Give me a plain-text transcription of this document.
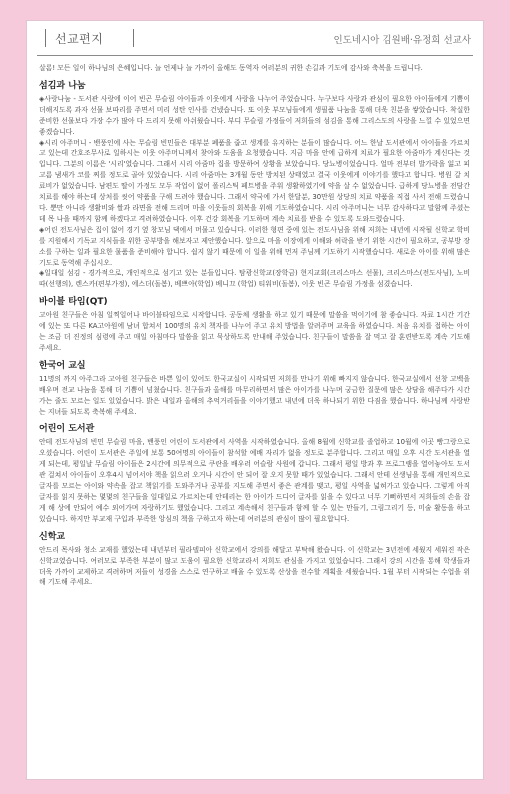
선교편지	인도네시아 김원배·유정희 선교사

살롬! 모든 일이 하나님의 은혜입니다. 늘 언제나 늘 가까이 올해도 동역자 여러분의 귀한 손길과 기도에 감사와 축복을 드립니다.

섬김과 나눔

◈사랑나눔 - 도서관 사랑에 이어 빈곤 무슬림 아이들과 이웃에게 사랑을 나누어 주었습니다. 누구보다 사랑과 관심이 필요한 아이들에게 기쁨이 더해지도록 과자 선물 보따리를 주면서 미리 성탄 인사를 건넸습니다. 또 이웃 부모님들에게 생필품 나눔을 통해 더욱 친분을 쌓았습니다. 착실한 준비한 선물보다 가장 수가 많아 다 드리지 못해 아쉬웠습니다. 부디 무슬림 가정들이 저희들의 섬김을 통해 그리스도의 사랑을 느낄 수 있었으면 좋겠습니다.

◈시리 아주머니 - 밴풍인에 사는 무슬림 빈민들은 대부분 폐품을 줍고 생계를 유지하는 분들이 많습니다. 어느 한날 도서관에서 아이들을 가르치고 있는데 간호조무사로 일하시는 이웃 아주머니께서 찾아와 도움을 요청했습니다. 지금 마을 안에 급하게 치료가 필요한 아줌마가 계신다는 것입니다. 그분의 이름은 '시리'였습니다. 그래서 시리 아줌마 집을 방문하여 상황을 보았습니다. 당뇨병이었습니다. 얼마 전부터 발가락을 잃고 피고름 냄새가 코를 찌를 정도로 골아 있었습니다. 시리 아줌마는 3개월 동안 방치된 상태였고 결국 이웃에게 이야기를 했다고 합니다. 병원 갈 치료비가 없었습니다. 남편도 딸이 가정도 모두 작업이 없어 폴리스틱 페트병을 주워 생활하였기에 약을 살 수 없었습니다. 급하게 당뇨병을 전담간 치료를 해야 하는데 상처를 씻어 약품을 구해 드려야 했습니다. 그래서 약국에 가서 한달분, 30만원 상당의 치료 약품을 직접 사서 전해 드렸습니다. 뿐만 아니라 생활비와 쌀과 라면을 전해 드리며 마을 이웃들의 회복을 위해 기도하였습니다. 시리 아주머니는 너무 감사하다고 말함께 주셨는데 목 나을 때까지 함께 하겠다고 격려하였습니다. 이후 건강 회복을 기도하며 계속 치료를 받을 수 있도록 도와드렸습니다.

◈어린 전도사님은 집이 없어 경기 옆 창모님 댁에서 머물고 있습니다. 이러한 형편 중에 있는 전도사님을 위해 저희는 내년에 시작될 신학교 학비를 지원해서 기독교 지식들을 위한 공부방을 해보자고 제안했습니다. 앞으로 마을 이장에게 이해와 허락을 받기 위한 시간이 필요하고, 공부방 장소를 구하는 일과 필요한 물품을 준비해야 합니다. 쉽지 않기 때문에 이 일을 위해 먼저 주님께 기도하기 시작했습니다. 새로운 아이를 위해 많은 기도로 동역해 주십시오.

◈일대일 섬김 - 경가적으로, 개인적으로 섬기고 있는 분들입니다. 탐광신학교(장학금) 현지교회(크리스마스 선물), 크리스마스(전도사님), 노비따(선행의), 렌스카(편부가정), 에스더(돌봄), 베쁘아(학업) 베니끄 (학업) 티워비(돌봄), 이웃 빈곤 무슬림 가정을 섬겼습니다.

바이블 타임(QT)

고아원 친구들은 아침 일찍일어나 바이블타임으로 시작합니다. 공동체 생활을 하고 있기 때문에 말씀을 먹이기에 참 좋습니다. 자료 1시간 기간에 있는 또 다른 KA고아원에 남녀 합쳐서 100명의 유치 책자를 나누어 주고 유치 방법을 알려주며 교육을 하였습니다. 처음 유치를 접하는 아이는 조금 더 진정의 심령에 주고 매일 아침마다 말씀을 읽고 묵상하도록 안내해 주었습니다. 친구들이 말씀을 잘 먹고 잘 훈련받도록 계속 기도해 주세요.

한국어 교실

11명의 까지 아주그라 고아원 친구들은 바쁜 일이 있어도 한국교실이 시작되면 저희를 만나기 위해 빠지지 않습니다. 한국교실에서 선창 고백을 배우며 전교 나눔을 통해 더 기쁨이 넘쳤습니다. 친구들과 올해를 마무리하면서 많은 아이가를 나누며 궁금한 질문에 많은 상담을 해주다가 시간 가는 줄도 모르는 일도 있었습니다. 밝은 내일과 올해의 추억거리들을 이야기했고 내년에 더욱 하나되기 위한 다짐을 했습니다. 하나님께 사랑받는 지녀들 되도록 축복해 주세요.

어린이 도서관

안테 전도사님의 빈민 무슬림 마을, 밴풍인 어린이 도서관에서 사역을 시작하였습니다. 올해 8월에 신학교를 졸업하고 10월에 이곳 빵그랑으로 오셨습니다. 어린이 도서관은 주일에 보통 50여명의 아이들이 참석할 예배 자리가 없을 정도로 분주합니다. 그리고 매일 오후 시간 도서관을 열게 되는데, 평일날 무슬림 아이들은 2시간에 의무적으로 쿠란을 배우러 어슬람 사원에 갑니다. 그래서 평일 방과 후 프로그램을 열어놓아도 도서관 걸쳐서 아이들이 오후4시 넘어서야 책을 읽으러 오거나 시간이 안 되어 잘 오지 못할 때가 있었습니다. 그래서 안테 선생님을 통해 개인적으로 글자를 모르는 아이와 약속을 잡고 책읽기를 도와주거나 공부를 지도해 주면서 좋은 관계를 맺고, 평일 사역을 넓혀가고 있습니다. 그렇게 아직 글자를 읽지 못하는 몇몇의 친구들을 일대일로 가르치는데 안테리는 한 아이가 드디어 글자를 읽을 수 있다고 너무 기뻐하면서 저희들의 손을 잡게 해 상에 안되어 예수 외어가며 자랑하기도 했었습니다. 그리고 계속해서 친구들과 함께 할 수 있는 만들기, 그림그리기 등, 미술 활동을 하고 있습니다. 하지만 부교재 구입과 부족한 앙심의 책을 구하고자 하는데 여러분의 관심이 많이 필요합니다.

신학교

안드리 목사와 청소 교재를 했었는데 내년부터 필라델피아 신학교에서 강의를 해달고 부탁해 왔습니다. 이 신학교는 3년전에 세웠지 세워진 작은 신학교였습니다. 여러모로 부족한 부분이 많고 도움이 필요한 신학교라서 저희도 관심을 가지고 있었습니다. 그래서 강의 시간을 통해 학생들과 더욱 가까이 교제하고 격려하며 저들이 성경을 스스로 연구하고 배울 수 있도록 산상을 전수할 계획을 세웠습니다. 1월 부터 시작되는 수업을 위해 기도해 주세요.
